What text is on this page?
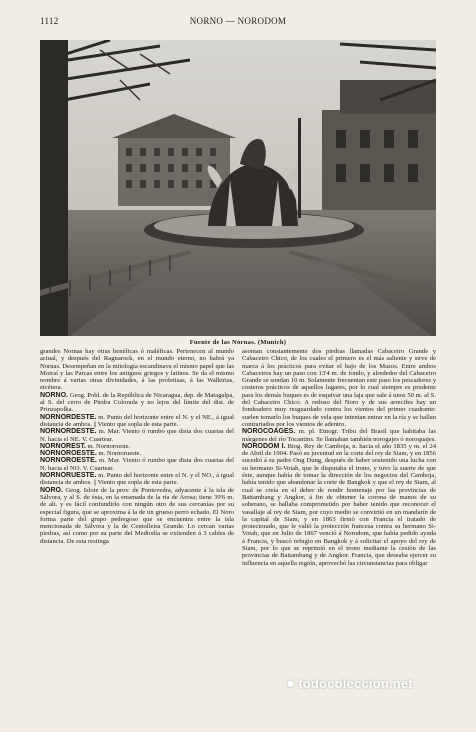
1112	NORNO — NORODOM
Fuente de las Nornas. (Munich)

grandes Nornas hay otras benéficas ó maléficas. Pertenecen al mundo actual, y después del Ragnarock, en el mundo eterno, no habrá ya Nornas. Desempeñan en la mitología escandinava el mismo papel que las Moiraí y las Parcas entre los antiguos griegos y latinos. Se da el mismo nombre á varias otras divinidades, á las profetisas, á las Walkirias, etcétera.

NORNO. Geog. Pobl. de la República de Nicaragua, dep. de Matagalpa, al S. del cerro de Piedra Colorada y no lejos del límite del dist. de Prinzapolka.

NORNORDESTE. m. Punto del horizonte entre el N. y el NE., á igual distancia de ambos. || Viento que sopla de esta parte.

NORNORDESTE. m. Mar. Viento ó rumbo que dista dos cuartas del N. hacia el NE. V. Cuartear.

NORNOREST. m. Nornoroeste.

NORNOROESTE. m. Nornorueste.

NORNOROESTE. m. Mar. Viento ó rumbo que dista dos cuartas del N. hacia el NO. V. Cuartear.

NORNORUESTE. m. Punto del horizonte entre el N. y el NO., á igual distancia de ambos. || Viento que sopla de esta parte.

NORO. Geog. Islote de la prov. de Pontevedra, adyacente á la isla de Sálvora, y al S. de ésta, en la ensenada de la ría de Arosa; tiene 39'6 m. de alt. y es fácil confundirlo con ningún otro de sus cercanías por su especial figura, que se aproxima á la de un grueso perro echado. El Noro forma parte del grupo pedregoso que se encuentra entre la isla mencionada de Sálvora y la de Centolleira Grande. Lo cercan varias piedras, así como por su parte del Mediodía se extienden á 3 cables de distancia. De esta restinga

asoman constantemente dos piedras llamadas Cabaceiro Grande y Cabaceiro Chico, de los cuales el primero es el más saliente y sirve de marca á los prácticos para evitar el bajo de los Mazos. Entre ambos Cabaceiros hay un paso con 13'4 m. de fondo, y alrededor del Cabaceiro Grande se sondan 10 m. Solamente frecuentan este paso los pescadores y costeros prácticos de aquellos lugares, por lo cual siempre es prudente para los demás buques es de esquivar una laja que sale á unos 50 m. al S. del Cabaceiro Chico. A redoso del Noro y de sus arrecifes hay un fondeadero muy resguardado contra los vientos del primer cuadrante: suelen tomarlo los buques de vela que intentan entrar en la ría y se hallan contrariados por los vientos de adentro.

NOROCOAGES. m. pl. Etnogr. Tribu del Brasil que habitaba las márgenes del río Tocantins. Se llamaban también norogajes ó noroquajes.

NORODOM I. Biog. Rey de Camboja, n. hacia el año 1835 y m. el 24 de Abril de 1904. Pasó su juventud en la corte del rey de Siam, y en 1856 sucedió á su padre Ong Dung, después de haber sostenido una lucha con su hermano Si-Votah, que le disputaba el trono, y tuvo la suerte de que éste, aunque había de tomar la dirección de los negocios del Camboja, había tenido que abandonar la corte de Bangkok y que el rey de Siam, al cual se creía en el deber de rendir homenaje por las provincias de Battambang y Angkor, á fin de obtener la corona de manos de su soberano, se hallaba comprometido por haber tenido que reconocer el vasallaje al rey de Siam, por cuyo medio se convirtió en un mandarín de la capital de Siam, y en 1863 firmó con Francia el tratado de protectorado, que le valió la protección francesa contra su hermano Si-Votah, que en Julio de 1867 venció á Norodom, que había pedido ayuda á Francia, y buscó refugio en Bangkok y á solicitar el apoyo del rey de Siam, por lo que se reprimió en el trono mediante la cesión de las provincias de Battambang y de Angkor. Francia, que deseaba ejercer su influencia en aquella región, aprovechó las circunstancias para obligar

● todocoleccion.net
